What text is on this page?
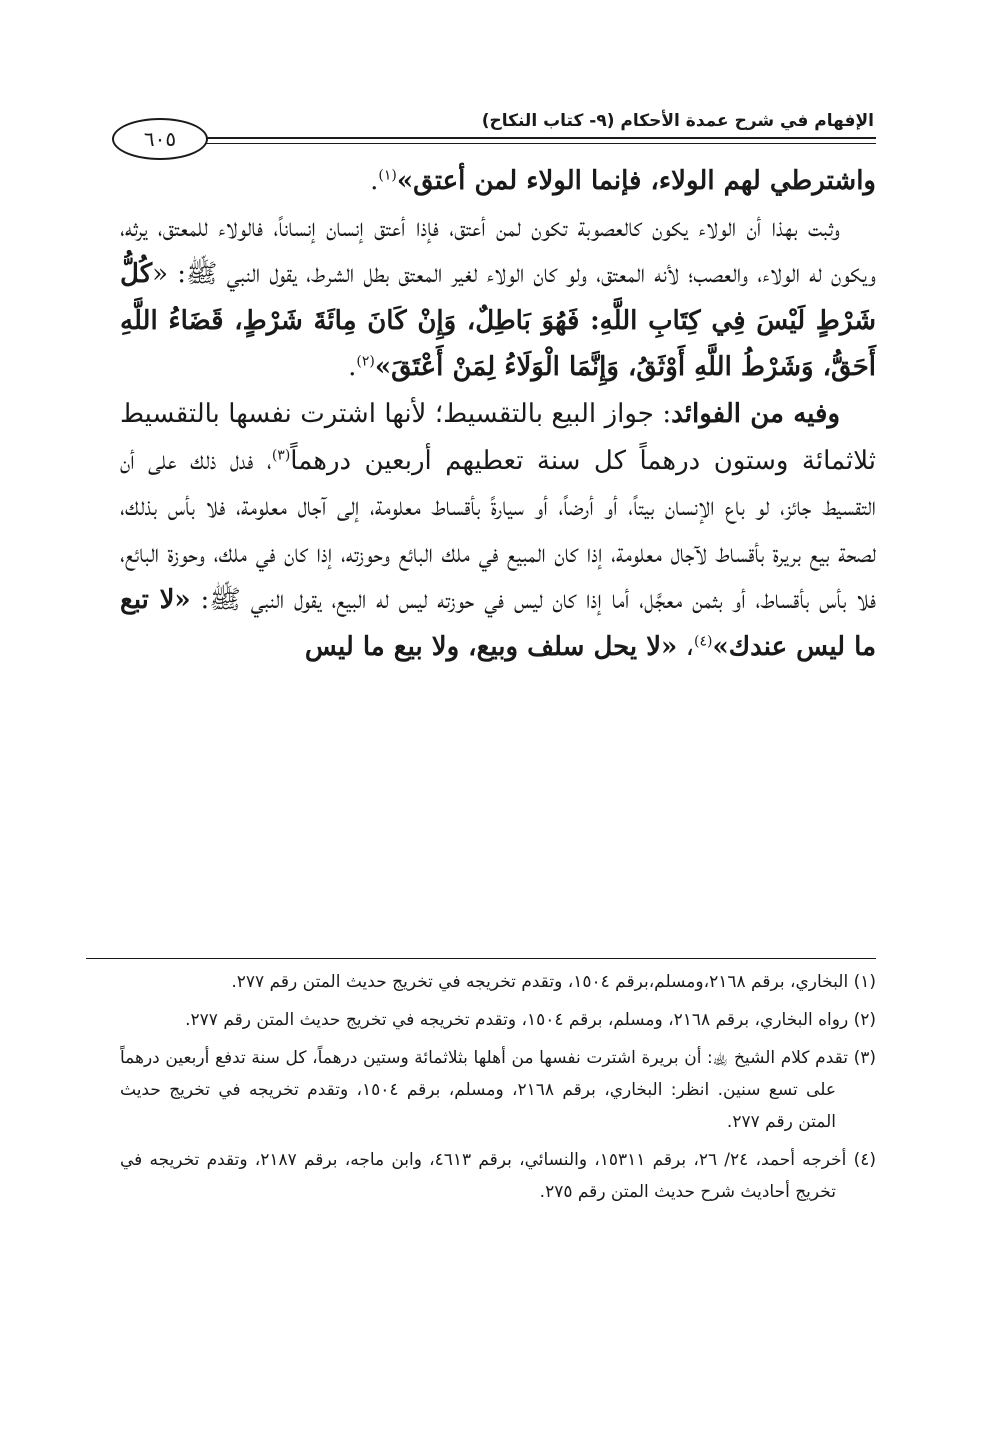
الإفهام في شرح عمدة الأحكام (٩- كتاب النكاح)
٦٠٥

واشترطي لهم الولاء، فإنما الولاء لمن أعتق»$^{(١)}$.

وثبت بهذا أن الولاء يكون كالعصوبة تكون لمن أعتق، فإذا أعتق إنسان إنساناً، فالولاء للمعتق، يرثه، ويكون له الولاء، والعصب؛ لأنه المعتق، ولو كان الولاء لغير المعتق بطل الشرط، يقول النبي ﷺ: «كُلُّ شَرْطٍ لَيْسَ فِي كِتَابِ اللَّهِ: فَهُوَ بَاطِلٌ، وَإِنْ كَانَ مِائَةَ شَرْطٍ، قَضَاءُ اللَّهِ أَحَقُّ، وَشَرْطُ اللَّهِ أَوْثَقُ، وَإِنَّمَا الْوَلَاءُ لِمَنْ أَعْتَقَ»$^{(٢)}$.

وفيه من الفوائد: جواز البيع بالتقسيط؛ لأنها اشترت نفسها بالتقسيط ثلاثمائة وستون درهماً كل سنة تعطيهم أربعين درهماً$^{(٣)}$، فدل ذلك على أن التقسيط جائز، لو باع الإنسان بيتاً، أو أرضاً، أو سيارةً بأقساط معلومة، إلى آجال معلومة، فلا بأس بذلك، لصحة بيع بريرة بأقساط لآجال معلومة، إذا كان المبيع في ملك البائع وحوزته، إذا كان في ملك، وحوزة البائع، فلا بأس بأقساط، أو بثمن معجَّل، أما إذا كان ليس في حوزته ليس له البيع، يقول النبي ﷺ: «لا تبع ما ليس عندك»$^{(٤)}$، «لا يحل سلف وبيع، ولا بيع ما ليس

(١) البخاري، برقم ٢١٦٨،ومسلم،برقم ١٥٠٤، وتقدم تخريجه في تخريج حديث المتن رقم ٢٧٧.

(٢) رواه البخاري، برقم ٢١٦٨، ومسلم، برقم ١٥٠٤، وتقدم تخريجه في تخريج حديث المتن رقم ٢٧٧.

(٣) تقدم كلام الشيخ ﵀: أن بريرة اشترت نفسها من أهلها بثلاثمائة وستين درهماً، كل سنة تدفع أربعين درهماً على تسع سنين. انظر: البخاري، برقم ٢١٦٨، ومسلم، برقم ١٥٠٤، وتقدم تخريجه في تخريج حديث المتن رقم ٢٧٧.

(٤) أخرجه أحمد، ٢٤/ ٢٦، برقم ١٥٣١١، والنسائي، برقم ٤٦١٣، وابن ماجه، برقم ٢١٨٧، وتقدم تخريجه في تخريج أحاديث شرح حديث المتن رقم ٢٧٥.
